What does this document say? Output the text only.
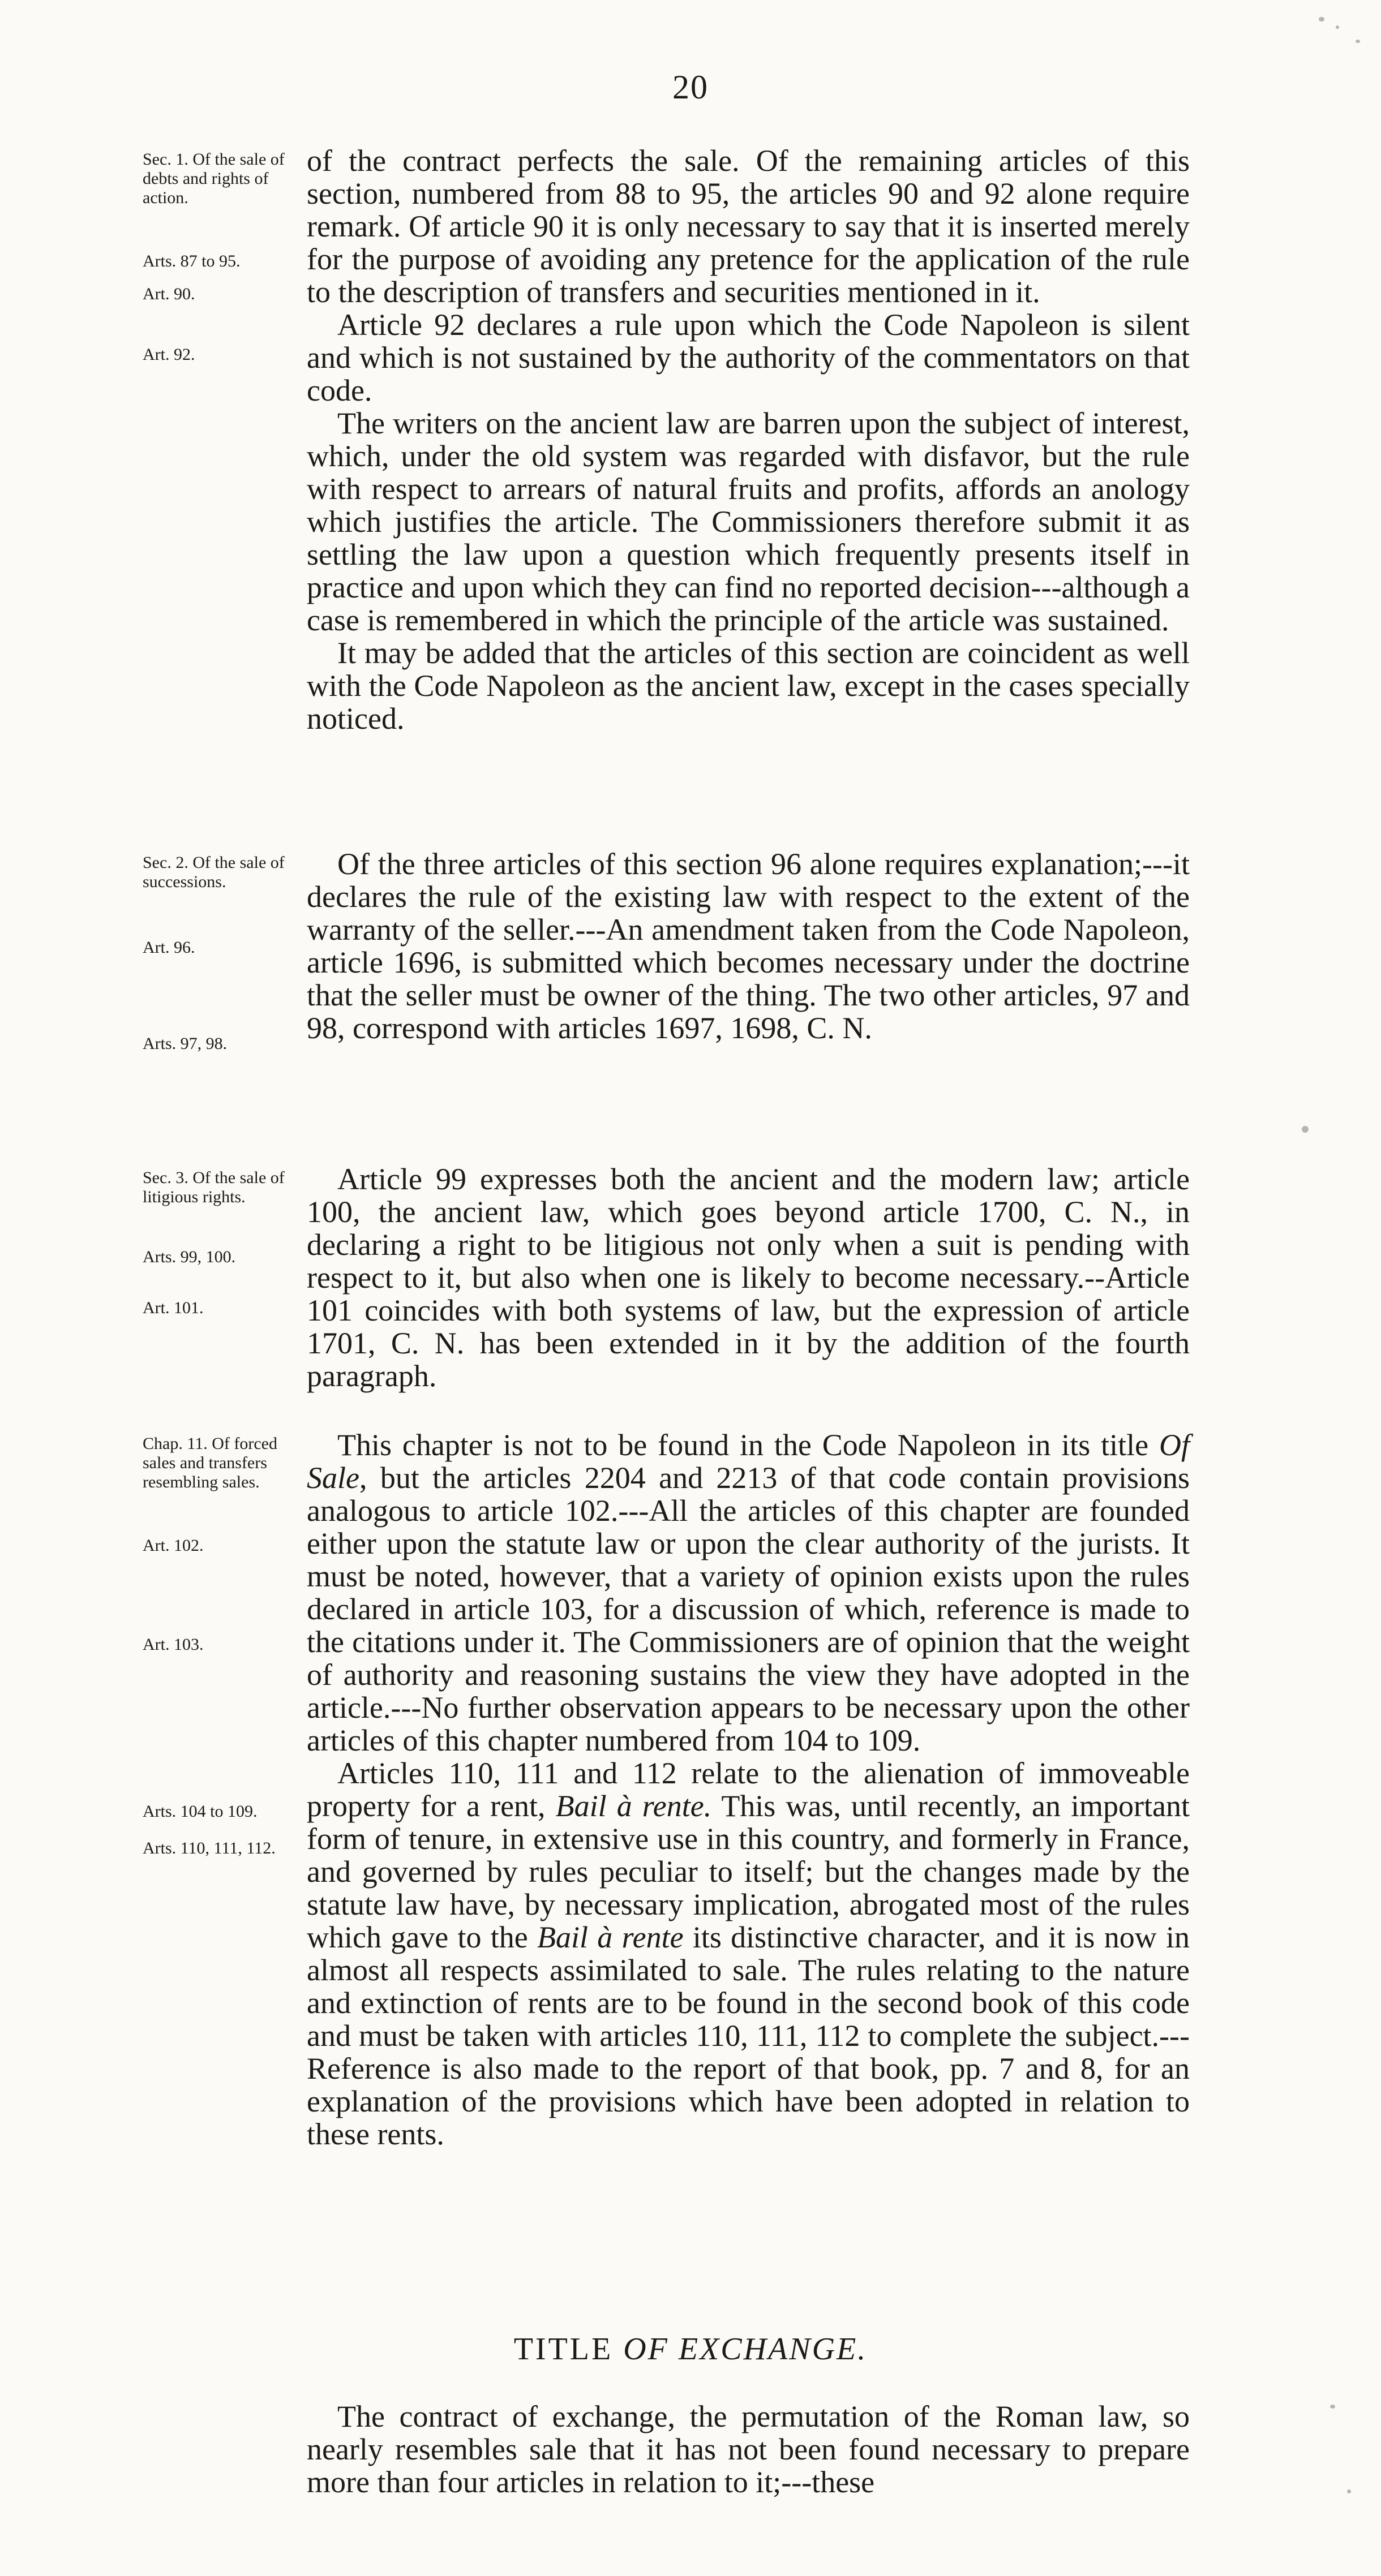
20
Sec. 1. Of the sale of debts and rights of action.
Arts. 87 to 95.
Art. 90.
Art. 92.

of the contract perfects the sale. Of the remaining articles of this section, numbered from 88 to 95, the articles 90 and 92 alone require remark. Of article 90 it is only necessary to say that it is inserted merely for the purpose of avoiding any pretence for the application of the rule to the description of transfers and securities mentioned in it.

Article 92 declares a rule upon which the Code Napoleon is silent and which is not sustained by the authority of the commentators on that code.

The writers on the ancient law are barren upon the subject of interest, which, under the old system was regarded with disfavor, but the rule with respect to arrears of natural fruits and profits, affords an anology which justifies the article. The Commissioners therefore submit it as settling the law upon a question which frequently presents itself in practice and upon which they can find no reported decision---although a case is remembered in which the principle of the article was sustained.

It may be added that the articles of this section are coincident as well with the Code Napoleon as the ancient law, except in the cases specially noticed.

Sec. 2. Of the sale of successions.
Art. 96.
Arts. 97, 98.

Of the three articles of this section 96 alone requires explanation;---it declares the rule of the existing law with respect to the extent of the warranty of the seller.---An amendment taken from the Code Napoleon, article 1696, is submitted which becomes necessary under the doctrine that the seller must be owner of the thing. The two other articles, 97 and 98, correspond with articles 1697, 1698, C. N.

Sec. 3. Of the sale of litigious rights.
Arts. 99, 100.
Art. 101.

Article 99 expresses both the ancient and the modern law; article 100, the ancient law, which goes beyond article 1700, C. N., in declaring a right to be litigious not only when a suit is pending with respect to it, but also when one is likely to become necessary.--Article 101 coincides with both systems of law, but the expression of article 1701, C. N. has been extended in it by the addition of the fourth paragraph.

Chap. 11. Of forced sales and transfers resembling sales.
Art. 102.
Art. 103.
Arts. 104 to 109.
Arts. 110, 111, 112.

This chapter is not to be found in the Code Napoleon in its title Of Sale, but the articles 2204 and 2213 of that code contain provisions analogous to article 102.---All the articles of this chapter are founded either upon the statute law or upon the clear authority of the jurists. It must be noted, however, that a variety of opinion exists upon the rules declared in article 103, for a discussion of which, reference is made to the citations under it. The Commissioners are of opinion that the weight of authority and reasoning sustains the view they have adopted in the article.---No further observation appears to be necessary upon the other articles of this chapter numbered from 104 to 109.

Articles 110, 111 and 112 relate to the alienation of immoveable property for a rent, Bail à rente. This was, until recently, an important form of tenure, in extensive use in this country, and formerly in France, and governed by rules peculiar to itself; but the changes made by the statute law have, by necessary implication, abrogated most of the rules which gave to the Bail à rente its distinctive character, and it is now in almost all respects assimilated to sale. The rules relating to the nature and extinction of rents are to be found in the second book of this code and must be taken with articles 110, 111, 112 to complete the subject.---Reference is also made to the report of that book, pp. 7 and 8, for an explanation of the provisions which have been adopted in relation to these rents.

TITLE OF EXCHANGE.

The contract of exchange, the permutation of the Roman law, so nearly resembles sale that it has not been found necessary to prepare more than four articles in relation to it;---these
